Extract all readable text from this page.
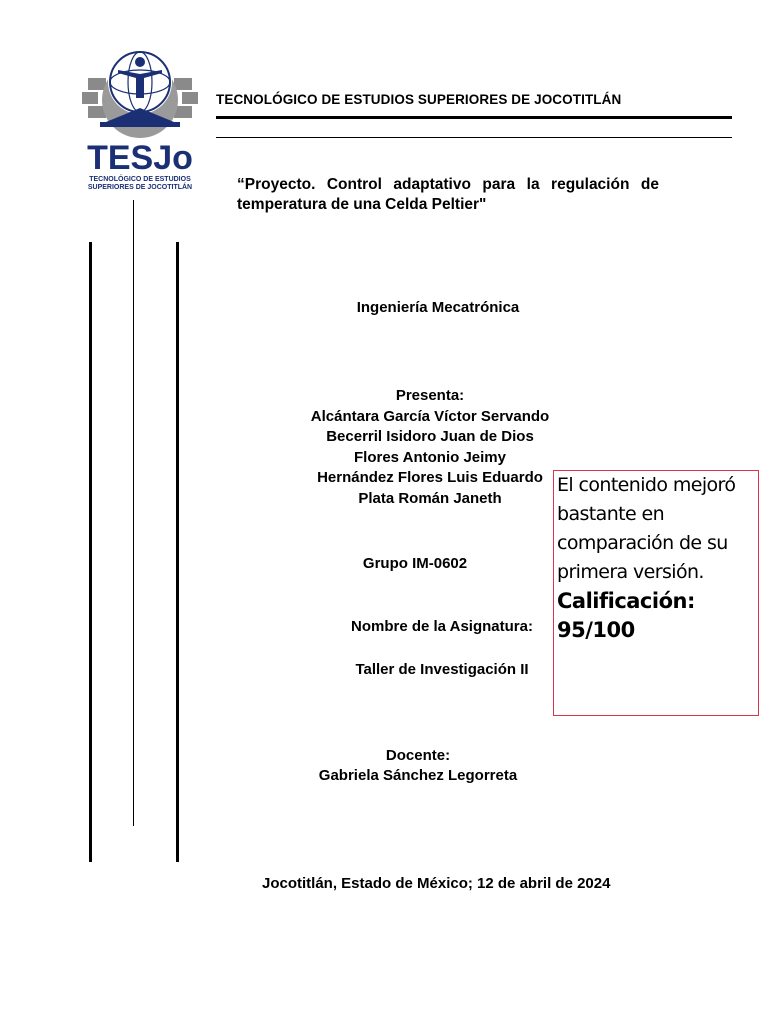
TESJo
TECNOLÓGICO DE ESTUDIOS
SUPERIORES DE JOCOTITLÁN
TECNOLÓGICO DE ESTUDIOS SUPERIORES DE JOCOTITLÁN
“Proyecto. Control adaptativo para la regulación de temperatura de una Celda Peltier"
Ingeniería Mecatrónica
Presenta:
Alcántara García Víctor Servando
Becerril Isidoro Juan de Dios
Flores Antonio Jeimy
Hernández Flores Luis Eduardo
Plata Román Janeth
Grupo IM-0602
Nombre de la Asignatura:
Taller de Investigación II
Docente:
Gabriela Sánchez Legorreta
Jocotitlán, Estado de México; 12 de abril de 2024
El contenido mejoró bastante en comparación de su primera versión.
Calificación:
95/100
